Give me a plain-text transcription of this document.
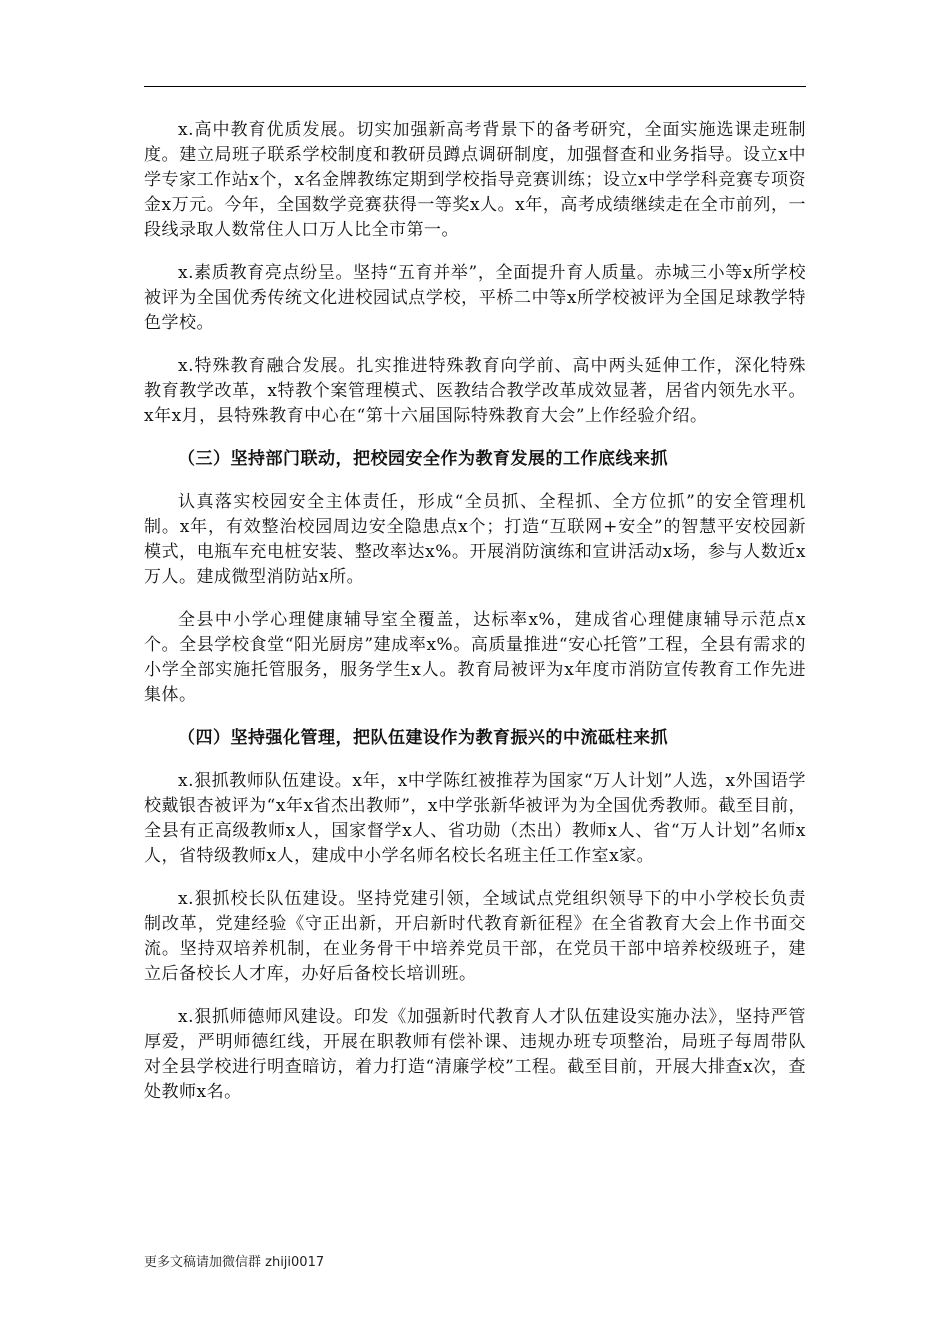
x.高中教育优质发展。切实加强新高考背景下的备考研究，全面实施选课走班制度。建立局班子联系学校制度和教研员蹲点调研制度，加强督查和业务指导。设立x中学专家工作站x个，x名金牌教练定期到学校指导竞赛训练；设立x中学学科竞赛专项资金x万元。今年，全国数学竞赛获得一等奖x人。x年，高考成绩继续走在全市前列，一段线录取人数常住人口万人比全市第一。

x.素质教育亮点纷呈。坚持“五育并举”，全面提升育人质量。赤城三小等x所学校被评为全国优秀传统文化进校园试点学校，平桥二中等x所学校被评为全国足球教学特色学校。

x.特殊教育融合发展。扎实推进特殊教育向学前、高中两头延伸工作，深化特殊教育教学改革，x特教个案管理模式、医教结合教学改革成效显著，居省内领先水平。x年x月，县特殊教育中心在“第十六届国际特殊教育大会”上作经验介绍。

（三）坚持部门联动，把校园安全作为教育发展的工作底线来抓

认真落实校园安全主体责任，形成“全员抓、全程抓、全方位抓”的安全管理机制。x年，有效整治校园周边安全隐患点x个；打造“互联网+安全”的智慧平安校园新模式，电瓶车充电桩安装、整改率达x%。开展消防演练和宣讲活动x场，参与人数近x万人。建成微型消防站x所。

全县中小学心理健康辅导室全覆盖，达标率x%，建成省心理健康辅导示范点x个。全县学校食堂“阳光厨房”建成率x%。高质量推进“安心托管”工程，全县有需求的小学全部实施托管服务，服务学生x人。教育局被评为x年度市消防宣传教育工作先进集体。

（四）坚持强化管理，把队伍建设作为教育振兴的中流砥柱来抓

x.狠抓教师队伍建设。x年，x中学陈红被推荐为国家“万人计划”人选，x外国语学校戴银杏被评为“x年x省杰出教师”，x中学张新华被评为为全国优秀教师。截至目前，全县有正高级教师x人，国家督学x人、省功勋（杰出）教师x人、省“万人计划”名师x人，省特级教师x人，建成中小学名师名校长名班主任工作室x家。

x.狠抓校长队伍建设。坚持党建引领，全域试点党组织领导下的中小学校长负责制改革，党建经验《守正出新，开启新时代教育新征程》在全省教育大会上作书面交流。坚持双培养机制，在业务骨干中培养党员干部，在党员干部中培养校级班子，建立后备校长人才库，办好后备校长培训班。

x.狠抓师德师风建设。印发《加强新时代教育人才队伍建设实施办法》，坚持严管厚爱，严明师德红线，开展在职教师有偿补课、违规办班专项整治，局班子每周带队对全县学校进行明查暗访，着力打造“清廉学校”工程。截至目前，开展大排查x次，查处教师x名。

更多文稿请加微信群 zhiji0017
